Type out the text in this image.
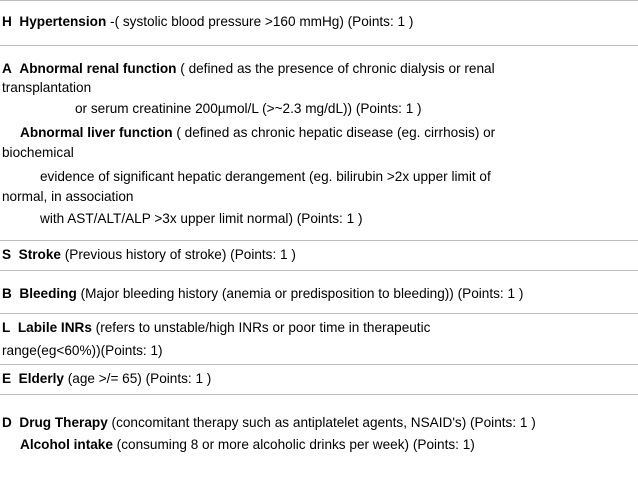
H Hypertension -( systolic blood pressure >160 mmHg) (Points: 1 )
A Abnormal renal function ( defined as the presence of chronic dialysis or renal
transplantation
or serum creatinine 200µmol/L (>~2.3 mg/dL)) (Points: 1 )
Abnormal liver function ( defined as chronic hepatic disease (eg. cirrhosis) or
biochemical
evidence of significant hepatic derangement (eg. bilirubin >2x upper limit of
normal, in association
with AST/ALT/ALP >3x upper limit normal) (Points: 1 )
S Stroke (Previous history of stroke) (Points: 1 )
B Bleeding (Major bleeding history (anemia or predisposition to bleeding)) (Points: 1 )
L Labile INRs (refers to unstable/high INRs or poor time in therapeutic
range(eg<60%))(Points: 1)
E Elderly (age >/= 65) (Points: 1 )
D Drug Therapy (concomitant therapy such as antiplatelet agents, NSAID's) (Points: 1 )
Alcohol intake (consuming 8 or more alcoholic drinks per week) (Points: 1)
